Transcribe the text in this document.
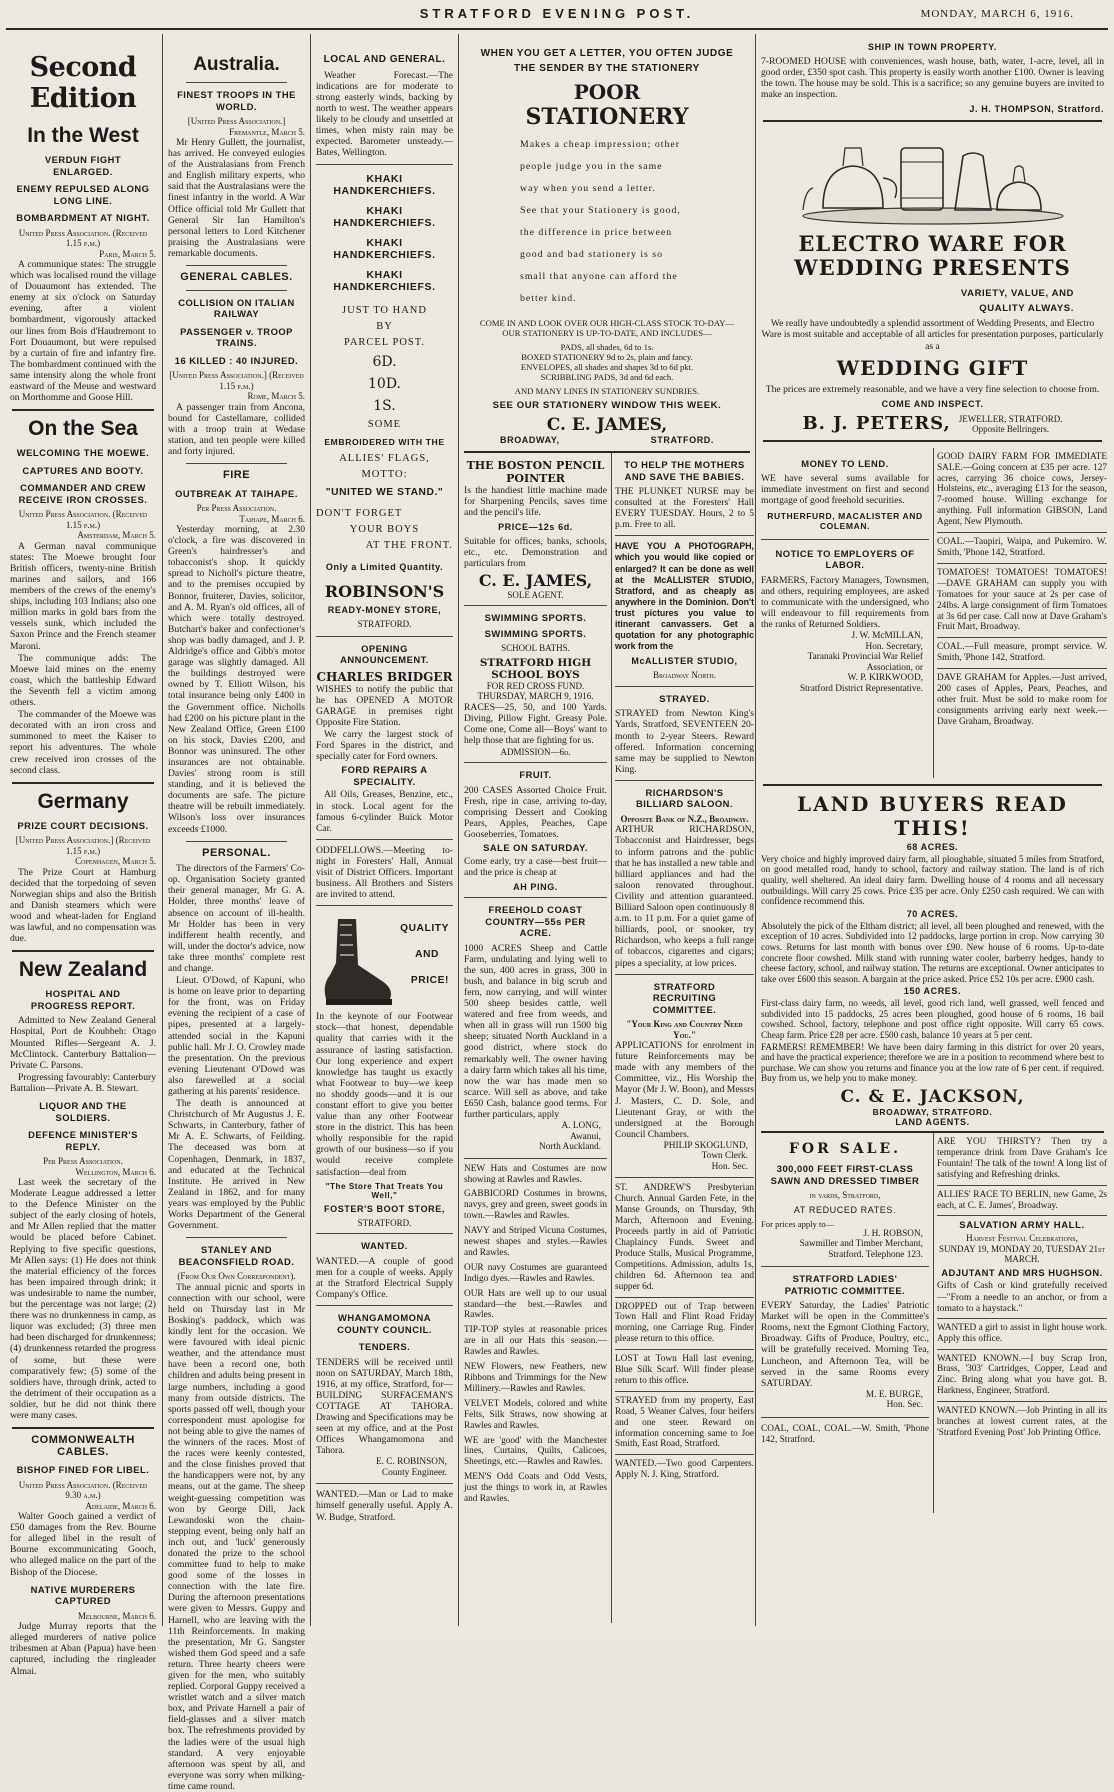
STRATFORD EVENING POST.	MONDAY, MARCH 6, 1916.
Second Edition
In the West
VERDUN FIGHT ENLARGED.
ENEMY REPULSED ALONG LONG LINE.
BOMBARDMENT AT NIGHT.
United Press Association. (Received 1.15 p.m.)
Paris, March 5.

A communique states: The struggle which was localised round the village of Douaumont has extended. The enemy at six o'clock on Saturday evening, after a violent bombardment, vigorously attacked our lines from Bois d'Haudremont to Fort Douaumont, but were repulsed by a curtain of fire and infantry fire. The bombardment continued with the same intensity along the whole front eastward of the Meuse and westward on Morthomme and Goose Hill.

On the Sea
WELCOMING THE MOEWE.
CAPTURES AND BOOTY.
COMMANDER AND CREW RECEIVE IRON CROSSES.
United Press Association. (Received 1.15 p.m.)
Amsterdam, March 5.

A German naval communique states: The Moewe brought four British officers, twenty-nine British marines and sailors, and 166 members of the crews of the enemy's ships, including 103 Indians; also one million marks in gold bars from the vessels sunk, which included the Saxon Prince and the French steamer Maroni.

The communique adds: The Moewe laid mines on the enemy coast, which the battleship Edward the Seventh fell a victim among others.

The commander of the Moewe was decorated with an iron cross and summoned to meet the Kaiser to report his adventures. The whole crew received iron crosses of the second class.

Germany
PRIZE COURT DECISIONS.
[United Press Association.] (Received 1.15 p.m.)
Copenhagen, March 5.

The Prize Court at Hamburg decided that the torpedoing of seven Norwegian ships and also the British and Danish steamers which were wood and wheat-laden for England was lawful, and no compensation was due.

New Zealand
HOSPITAL AND PROGRESS REPORT.

Admitted to New Zealand General Hospital, Port de Koubbeh: Otago Mounted Rifles—Sergeant A. J. McClintock. Canterbury Battalion—Private C. Parsons.

Progressing favourably: Canterbury Battalion—Private A. B. Stewart.

LIQUOR AND THE SOLDIERS.
DEFENCE MINISTER'S REPLY.
Per Press Association.
Wellington, March 6.

Last week the secretary of the Moderate League addressed a letter to the Defence Minister on the subject of the early closing of hotels, and Mr Allen replied that the matter would be placed before Cabinet. Replying to five specific questions, Mr Allen says: (1) He does not think the material efficiency of the forces has been impaired through drink; it was undesirable to name the number, but the percentage was not large; (2) there was no drunkenness in camp, as liquor was excluded; (3) three men had been discharged for drunkenness; (4) drunkenness retarded the progress of some, but these were comparatively few; (5) some of the soldiers have, through drink, acted to the detriment of their occupation as a soldier, but he did not think there were many cases.

COMMONWEALTH CABLES.
BISHOP FINED FOR LIBEL.
United Press Association. (Received 9.30 a.m.)
Adelaide, March 6.

Walter Gooch gained a verdict of £50 damages from the Rev. Bourne for alleged libel in the result of Bourne excommunicating Gooch, who alleged malice on the part of the Bishop of the Diocese.

NATIVE MURDERERS CAPTURED
Melbourne, March 6.

Judge Murray reports that the alleged murderers of native police tribesmen at Aban (Papua) have been captured, including the ringleader Almai.

Australia.
FINEST TROOPS IN THE WORLD.
[United Press Association.]
Fremantle, March 5.

Mr Henry Gullett, the journalist, has arrived. He conveyed eulogies of the Australasians from French and English military experts, who said that the Australasians were the finest infantry in the world. A War Office official told Mr Gullett that General Sir Ian Hamilton's personal letters to Lord Kitchener praising the Australasians were remarkable documents.

GENERAL CABLES.
COLLISION ON ITALIAN RAILWAY
PASSENGER v. TROOP TRAINS.
16 KILLED : 40 INJURED.
[United Press Association.] (Received 1.15 p.m.)
Rome, March 5.

A passenger train from Ancona, bound for Castellamare, collided with a troop train at Wedase station, and ten people were killed and forty injured.

FIRE
OUTBREAK AT TAIHAPE.
Per Press Association.
Taihape, March 6.

Yesterday morning, at 2.30 o'clock, a fire was discovered in Green's hairdresser's and tobacconist's shop. It quickly spread to Nicholl's picture theatre, and to the premises occupied by Bonnor, fruiterer, Davies, solicitor, and A. M. Ryan's old offices, all of which were totally destroyed. Butchart's baker and confectioner's shop was badly damaged, and J. P. Aldridge's office and Gibb's motor garage was slightly damaged. All the buildings destroyed were owned by T. Elliott Wilson, his total insurance being only £400 in the Government office. Nicholls had £200 on his picture plant in the New Zealand Office, Green £100 on his stock, Davies £200, and Bonnor was uninsured. The other insurances are not obtainable. Davies' strong room is still standing, and it is believed the documents are safe. The picture theatre will be rebuilt immediately. Wilson's loss over insurances exceeds £1000.

PERSONAL.

The directors of the Farmers' Co-op. Organisation Society granted their general manager, Mr G. A. Holder, three months' leave of absence on account of ill-health. Mr Holder has been in very indifferent health recently, and will, under the doctor's advice, now take three months' complete rest and change.

Lieut. O'Dowd, of Kapuni, who is home on leave prior to departing for the front, was on Friday evening the recipient of a case of pipes, presented at a largely-attended social in the Kapuni public hall. Mr J. O. Crowley made the presentation. On the previous evening Lieutenant O'Dowd was also farewelled at a social gathering at his parents' residence.

The death is announced at Christchurch of Mr Augustus J. E. Schwarts, in Canterbury, father of Mr A. E. Schwarts, of Feilding. The deceased was born at Copenhagen, Denmark, in 1837, and educated at the Technical Institute. He arrived in New Zealand in 1862, and for many years was employed by the Public Works Department of the General Government.

STANLEY AND BEACONSFIELD ROAD.
(From Our Own Correspondent).

The annual picnic and sports in connection with our school, were held on Thursday last in Mr Bosking's paddock, which was kindly lent for the occasion. We were favoured with ideal picnic weather, and the attendance must have been a record one, both children and adults being present in large numbers, including a good many from outside districts. The sports passed off well, though your correspondent must apologise for not being able to give the names of the winners of the races. Most of the races were keenly contested, and the close finishes proved that the handicappers were not, by any means, out at the game. The sheep weight-guessing competition was won by George Dill, Jack Lewandoski won the chain-stepping event, being only half an inch out, and 'luck' generously donated the prize to the school committee fund to help to make good some of the losses in connection with the late fire. During the afternoon presentations were given to Messrs. Guppy and Harnell, who are leaving with the 11th Reinforcements. In making the presentation, Mr G. Sangster wished them God speed and a safe return. Three hearty cheers were given for the men, who suitably replied. Corporal Guppy received a wristlet watch and a silver match box, and Private Harnell a pair of field-glasses and a silver match box. The refreshments provided by the ladies were of the usual high standard. A very enjoyable afternoon was spent by all, and everyone was sorry when milking-time came round.

LOCAL AND GENERAL.

Weather Forecast.—The indications are for moderate to strong easterly winds, backing by north to west. The weather appears likely to be cloudy and unsettled at times, when misty rain may be expected. Barometer unsteady.—Bates, Wellington.

KHAKI HANDKERCHIEFS.
KHAKI HANDKERCHIEFS.
KHAKI HANDKERCHIEFS.
KHAKI HANDKERCHIEFS.
JUST TO HAND
BY
PARCEL POST.
6D.
10D.
1S.
SOME
EMBROIDERED WITH THE
ALLIES' FLAGS,
MOTTO:
"UNITED WE STAND."
DON'T FORGET
YOUR BOYS
AT THE FRONT.
Only a Limited Quantity.
ROBINSON'S
READY-MONEY STORE,
STRATFORD.
OPENING ANNOUNCEMENT.
CHARLES BRIDGER

WISHES to notify the public that he has OPENED A MOTOR GARAGE in premises right Opposite Fire Station.

We carry the largest stock of Ford Spares in the district, and specially cater for Ford owners.

FORD REPAIRS A SPECIALITY.

All Oils, Greases, Benzine, etc., in stock. Local agent for the famous 6-cylinder Buick Motor Car.

ODDFELLOWS.—Meeting to-night in Foresters' Hall, Annual visit of District Officers. Important business. All Brothers and Sisters are invited to attend.

QUALITY
AND
PRICE!

In the keynote of our Footwear stock—that honest, dependable quality that carries with it the assurance of lasting satisfaction. Our long experience and expert knowledge has taught us exactly what Footwear to buy—we keep no shoddy goods—and it is our constant effort to give you better value than any other Footwear store in the district. This has been wholly responsible for the rapid growth of our business—so if you would receive complete satisfaction—deal from

"The Store That Treats You Well,"
FOSTER'S BOOT STORE,
STRATFORD.
WANTED.

WANTED.—A couple of good men for a couple of weeks. Apply at the Stratford Electrical Supply Company's Office.

WHANGAMOMONA COUNTY COUNCIL.
TENDERS.

TENDERS will be received until noon on SATURDAY, March 18th, 1916, at my office, Stratford, for— BUILDING SURFACEMAN'S COTTAGE AT TAHORA. Drawing and Specifications may be seen at my office, and at the Post Offices Whangamomona and Tahora.

E. C. ROBINSON,
County Engineer.

WANTED.—Man or Lad to make himself generally useful. Apply A. W. Budge, Stratford.

WHEN YOU GET A LETTER, YOU OFTEN JUDGE
THE SENDER BY THE STATIONERY
POOR
STATIONERY
Makes a cheap impression; other
people judge you in the same
way when you send a letter.
See that your Stationery is good,
the difference in price between
good and bad stationery is so
small that anyone can afford the
better kind.
COME IN AND LOOK OVER OUR HIGH-CLASS STOCK TO-DAY—OUR STATIONERY IS UP-TO-DATE, AND INCLUDES—
PADS, all shades, 6d to 1s.
BOXED STATIONERY 9d to 2s, plain and fancy.
ENVELOPES, all shades and shapes 3d to 6d pkt.
SCRIBBLING PADS, 3d and 6d each.
AND MANY LINES IN STATIONERY SUNDRIES.
SEE OUR STATIONERY WINDOW THIS WEEK.
C. E. JAMES,
BROADWAY,	STRATFORD.
THE BOSTON PENCIL POINTER

Is the handiest little machine made for Sharpening Pencils, saves time and the pencil's life.

PRICE—12s 6d.

Suitable for offices, banks, schools, etc., etc. Demonstration and particulars from

C. E. JAMES,
SOLE AGENT.
SWIMMING SPORTS.
SWIMMING SPORTS.
SCHOOL BATHS.
STRATFORD HIGH SCHOOL BOYS
FOR RED CROSS FUND.
THURSDAY, MARCH 9, 1916.

RACES—25, 50, and 100 Yards. Diving, Pillow Fight. Greasy Pole. Come one, Come all—Boys' want to help those that are fighting for us.

ADMISSION—6d.
FRUIT.

200 CASES Assorted Choice Fruit. Fresh, ripe in case, arriving to-day, comprising Dessert and Cooking Pears, Apples, Peaches, Cape Gooseberries, Tomatoes.

SALE ON SATURDAY.

Come early, try a case—best fruit—and the price is cheap at

AH PING.
FREEHOLD COAST COUNTRY—55s PER ACRE.

1000 ACRES Sheep and Cattle Farm, undulating and lying well to the sun, 400 acres in grass, 300 in bush, and balance in big scrub and fern, now carrying, and will winter 500 sheep besides cattle, well watered and free from weeds, and when all in grass will run 1500 big sheep; situated North Auckland in a good district, where stock do remarkably well. The owner having a dairy farm which takes all his time, now the war has made men so scarce. Will sell as above, and take £650 Cash, balance good terms. For further particulars, apply

A. LONG,
Awanui,
North Auckland.

NEW Hats and Costumes are now showing at Rawles and Rawles.

GABBICORD Costumes in browns, navys, grey and green, sweet goods in town.—Rawles and Rawles.

NAVY and Striped Vicuna Costumes, newest shapes and styles.—Rawles and Rawles.

OUR navy Costumes are guaranteed Indigo dyes.—Rawles and Rawles.

OUR Hats are well up to our usual standard—the best.—Rawles and Rawles.

TIP-TOP styles at reasonable prices are in all our Hats this season.—Rawles and Rawles.

NEW Flowers, new Feathers, new Ribbons and Trimmings for the New Millinery.—Rawles and Rawles.

VELVET Models, colored and white Felts, Silk Straws, now showing at Rawles and Rawles.

WE are 'good' with the Manchester lines, Curtains, Quilts, Calicoes, Sheetings, etc.—Rawles and Rawles.

MEN'S Odd Coats and Odd Vests, just the things to work in, at Rawles and Rawles.

TO HELP THE MOTHERS AND SAVE THE BABIES.

THE PLUNKET NURSE may be consulted at the Foresters' Hall EVERY TUESDAY. Hours, 2 to 5 p.m. Free to all.

HAVE YOU A PHOTOGRAPH, which you would like copied or enlarged? It can be done as well at the McALLISTER STUDIO, Stratford, and as cheaply as anywhere in the Dominion. Don't trust pictures you value to itinerant canvassers. Get a quotation for any photographic work from the

McALLISTER STUDIO,
Broadway North.
STRAYED.

STRAYED from Newton King's Yards, Stratford, SEVENTEEN 20-month to 2-year Steers. Reward offered. Information concerning same may be supplied to Newton King.

RICHARDSON'S BILLIARD SALOON.
Opposite Bank of N.Z., Broadway.

ARTHUR RICHARDSON, Tobacconist and Hairdresser, begs to inform patrons and the public that he has installed a new table and billiard appliances and had the saloon renovated throughout. Civility and attention guaranteed. Billiard Saloon open continuously 8 a.m. to 11 p.m. For a quiet game of billiards, pool, or snooker, try Richardson, who keeps a full range of tobaccos, cigarettes and cigars; pipes a speciality, at low prices.

STRATFORD RECRUITING COMMITTEE.
"Your King and Country Need You."

APPLICATIONS for enrolment in future Reinforcements may be made with any members of the Committee, viz., His Worship the Mayor (Mr J. W. Boon), and Messrs J. Masters, C. D. Sole, and Lieutenant Gray, or with the undersigned at the Borough Council Chambers.

PHILIP SKOGLUND,
Town Clerk.
Hon. Sec.

ST. ANDREW'S Presbyterian Church. Annual Garden Fete, in the Manse Grounds, on Thursday, 9th March, Afternoon and Evening. Proceeds partly in aid of Patriotic Chaplaincy Funds. Sweet and Produce Stalls, Musical Programme, Competitions. Admission, adults 1s, children 6d. Afternoon tea and supper 6d.

DROPPED out of Trap between Town Hall and Flint Road Friday morning, one Carriage Rug. Finder please return to this office.

LOST at Town Hall last evening, Blue Silk Scarf. Will finder please return to this office.

STRAYED from my property, East Road, 5 Weaner Calves, four heifers and one steer. Reward on information concerning same to Joe Smith, East Road, Stratford.

WANTED.—Two good Carpenters. Apply N. J. King, Stratford.

SHIP IN TOWN PROPERTY.

7-ROOMED HOUSE with conveniences, wash house, bath, water, 1-acre, level, all in good order, £350 spot cash. This property is easily worth another £100. Owner is leaving the town. The house may be sold. This is a sacrifice; so any genuine buyers are invited to make an inspection.

J. H. THOMPSON, Stratford.
ELECTRO WARE FOR WEDDING PRESENTS
VARIETY, VALUE, AND
QUALITY ALWAYS.

We really have undoubtedly a splendid assortment of Wedding Presents, and Electro Ware is most suitable and acceptable of all articles for presentation purposes, particularly as a

WEDDING GIFT

The prices are extremely reasonable, and we have a very fine selection to choose from.

COME AND INSPECT.
B. J. PETERS, JEWELLER, STRATFORD.
Opposite Bellringers.
MONEY TO LEND.

WE have several sums available for immediate investment on first and second mortgage of good freehold securities.

RUTHERFURD, MACALISTER AND COLEMAN.
NOTICE TO EMPLOYERS OF LABOR.

FARMERS, Factory Managers, Townsmen, and others, requiring employees, are asked to communicate with the undersigned, who will endeavour to fill requirements from the ranks of Returned Soldiers.

J. W. McMILLAN,
Hon. Secretary,
Taranaki Provincial War Relief Association, or
W. P. KIRKWOOD,
Stratford District Representative.

GOOD DAIRY FARM FOR IMMEDIATE SALE.—Going concern at £35 per acre. 127 acres, carrying 36 choice cows, Jersey-Holsteins, etc., averaging £13 for the season, 7-roomed house. Willing exchange for anything. Full information GIBSON, Land Agent, New Plymouth.

COAL.—Taupiri, Waipa, and Pukemiro. W. Smith, 'Phone 142, Stratford.

TOMATOES! TOMATOES! TOMATOES!—DAVE GRAHAM can supply you with Tomatoes for your sauce at 2s per case of 24lbs. A large consignment of firm Tomatoes at 3s 6d per case. Call now at Dave Graham's Fruit Mart, Broadway.

COAL.—Full measure, prompt service. W. Smith, 'Phone 142, Stratford.

DAVE GRAHAM for Apples.—Just arrived, 200 cases of Apples, Pears, Peaches, and other fruit. Must be sold to make room for consignments arriving early next week.—Dave Graham, Broadway.

LAND BUYERS READ THIS!
68 ACRES.

Very choice and highly improved dairy farm, all ploughable, situated 5 miles from Stratford, on good metalled road, handy to school, factory and railway station. The land is of rich quality, well sheltered. An ideal dairy farm. Dwelling house of 4 rooms and all necessary outbuildings. Will carry 25 cows. Price £35 per acre. Only £250 cash required. We can with confidence recommend this.

70 ACRES.

Absolutely the pick of the Eltham district; all level, all been ploughed and renewed, with the exception of 10 acres. Subdivided into 12 paddocks, large portion in crop. Now carrying 30 cows. Returns for last month with bonus over £90. New house of 6 rooms. Up-to-date concrete floor cowshed. Milk stand with running water cooler, barberry hedges, handy to cheese factory, school, and railway station. The returns are exceptional. Owner anticipates to take over £600 this season. A bargain at the price asked. Price £52 10s per acre. £900 cash.

150 ACRES.

First-class dairy farm, no weeds, all level, good rich land, well grassed, well fenced and subdivided into 15 paddocks, 25 acres been ploughed, good house of 6 rooms, 16 bail cowshed. School, factory, telephone and post office right opposite. Will carry 65 cows. Cheap farm. Price £28 per acre. £500 cash, balance 10 years at 5 per cent.

FARMERS! REMEMBER! We have been dairy farming in this district for over 20 years, and have the practical experience; therefore we are in a position to recommend where best to purchase. We can show you returns and finance you at the low rate of 6 per cent. if required. Buy from us, we help you to make money.

C. & E. JACKSON,
BROADWAY, STRATFORD.
LAND AGENTS.
FOR SALE.
300,000 FEET FIRST-CLASS SAWN AND DRESSED TIMBER
in yards, Stratford,
AT REDUCED RATES.
For prices apply to—
J. H. ROBSON,
Sawmiller and Timber Merchant,
Stratford. Telephone 123.
STRATFORD LADIES' PATRIOTIC COMMITTEE.

EVERY Saturday, the Ladies' Patriotic Market will be open in the Committee's Rooms, next the Egmont Clothing Factory, Broadway. Gifts of Produce, Poultry, etc., will be gratefully received. Morning Tea, Luncheon, and Afternoon Tea, will be served in the same Rooms every SATURDAY.

M. E. BURGE,
Hon. Sec.

COAL, COAL, COAL.—W. Smith, 'Phone 142, Stratford.

ARE YOU THIRSTY? Then try a temperance drink from Dave Graham's Ice Fountain! The talk of the town! A long list of satisfying and Refreshing drinks.

ALLIES' RACE TO BERLIN, new Game, 2s each, at C. E. James', Broadway.

SALVATION ARMY HALL.
Harvest Festival Celebrations,
SUNDAY 19, MONDAY 20, TUESDAY 21st MARCH.
ADJUTANT AND MRS HUGHSON.

Gifts of Cash or kind gratefully received—"From a needle to an anchor, or from a tomato to a haystack."

WANTED a girl to assist in light house work. Apply this office.

WANTED KNOWN.—I buy Scrap Iron, Brass, '303' Cartridges, Copper, Lead and Zinc. Bring along what you have got. B. Harkness, Engineer, Stratford.

WANTED KNOWN.—Job Printing in all its branches at lowest current rates, at the 'Stratford Evening Post' Job Printing Office.
